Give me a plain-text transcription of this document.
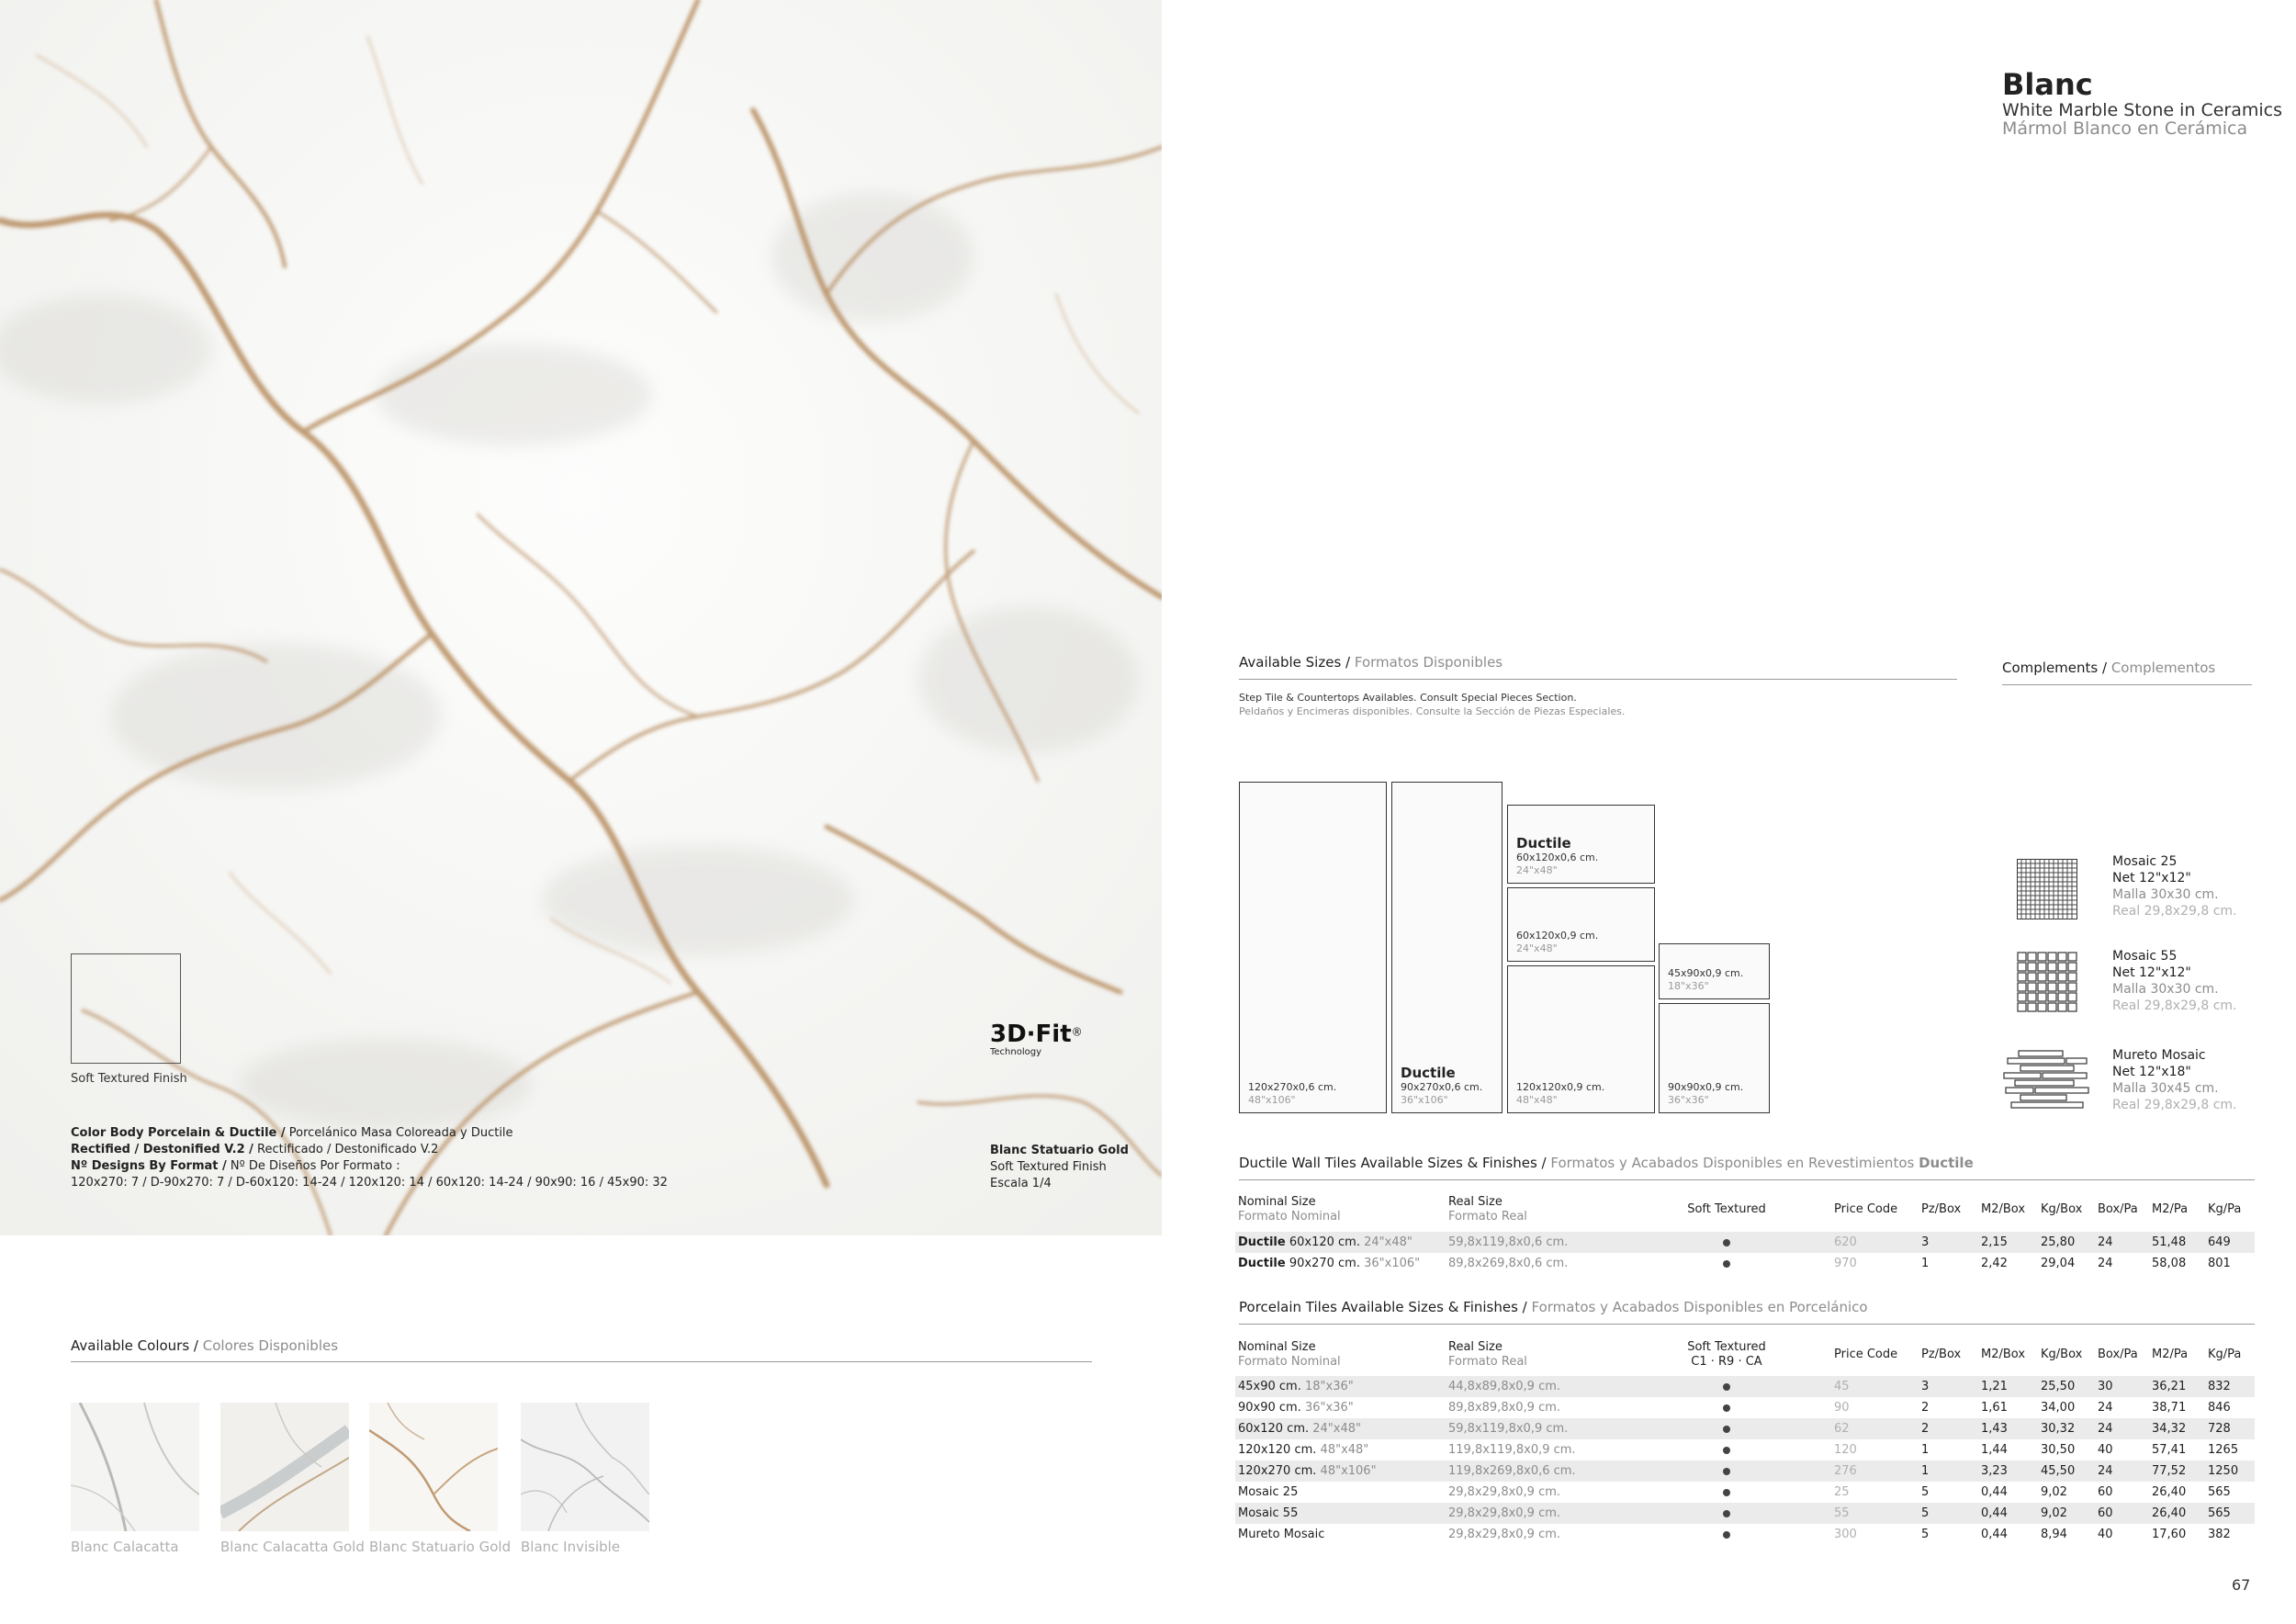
Soft Textured Finish
3D·Fit®
Technology
Color Body Porcelain & Ductile / Porcelánico Masa Coloreada y Ductile
Rectified / Destonified V.2 / Rectificado / Destonificado V.2
Nº Designs By Format / Nº De Diseños Por Formato :
120x270: 7 / D-90x270: 7 / D-60x120: 14-24 / 120x120: 14 / 60x120: 14-24 / 90x90: 16 / 45x90: 32
Blanc Statuario Gold
Soft Textured Finish
Escala 1/4
Available Colours / Colores Disponibles
Blanc Calacatta	Blanc Calacatta Gold Blanc Statuario Gold Blanc Invisible
Blanc
White Marble Stone in Ceramics
Mármol Blanco en Cerámica
Available Sizes / Formatos Disponibles
Step Tile & Countertops Availables. Consult Special Pieces Section.
Peldaños y Encimeras disponibles. Consulte la Sección de Piezas Especiales.
120x270x0,6 cm.
48"x106"
Ductile
90x270x0,6 cm.
36"x106"
Ductile
60x120x0,6 cm.
24"x48"
60x120x0,9 cm.
24"x48"
45x90x0,9 cm.
18"x36"
120x120x0,9 cm.
48"x48"
90x90x0,9 cm.
36"x36"
Complements / Complementos
Mosaic 25
Net 12"x12"
Malla 30x30 cm.
Real 29,8x29,8 cm.
Mosaic 55
Net 12"x12"
Malla 30x30 cm.
Real 29,8x29,8 cm.
Mureto Mosaic
Net 12"x18"
Malla 30x45 cm.
Real 29,8x29,8 cm.
Ductile Wall Tiles Available Sizes & Finishes / Formatos y Acabados Disponibles en Revestimientos Ductile
Nominal Size
Formato Nominal
Real Size
Formato Real
Soft Textured	Price Code Pz/Box M2/Box Kg/Box Box/Pa M2/Pa Kg/Pa
Ductile 60x120 cm. 24"x48"	59,8x119,8x0,6 cm.	620	3	2,15	25,80 24	51,48 649
Ductile 90x270 cm. 36"x106" 89,8x269,8x0,6 cm.	970	1	2,42	29,04 24	58,08 801
Porcelain Tiles Available Sizes & Finishes / Formatos y Acabados Disponibles en Porcelánico
Nominal Size
Formato Nominal
Real Size
Formato Real
Soft Textured
C1 · R9 · CA
Price Code Pz/Box M2/Box Kg/Box Box/Pa M2/Pa Kg/Pa
45x90 cm. 18"x36"	44,8x89,8x0,9 cm.	45	3	1,21	25,50 30	36,21 832
90x90 cm. 36"x36"	89,8x89,8x0,9 cm.	90	2	1,61	34,00 24	38,71 846
60x120 cm. 24"x48"	59,8x119,8x0,9 cm.	62	2	1,43	30,32 24	34,32 728
120x120 cm. 48"x48"	119,8x119,8x0,9 cm.	120	1	1,44	30,50 40	57,41 1265
120x270 cm. 48"x106"	119,8x269,8x0,6 cm.	276	1	3,23	45,50 24	77,52 1250
Mosaic 25	29,8x29,8x0,9 cm.	25	5	0,44	9,02	60	26,40 565
Mosaic 55	29,8x29,8x0,9 cm.	55	5	0,44	9,02	60	26,40 565
Mureto Mosaic	29,8x29,8x0,9 cm.	300	5	0,44	8,94	40	17,60 382
67
